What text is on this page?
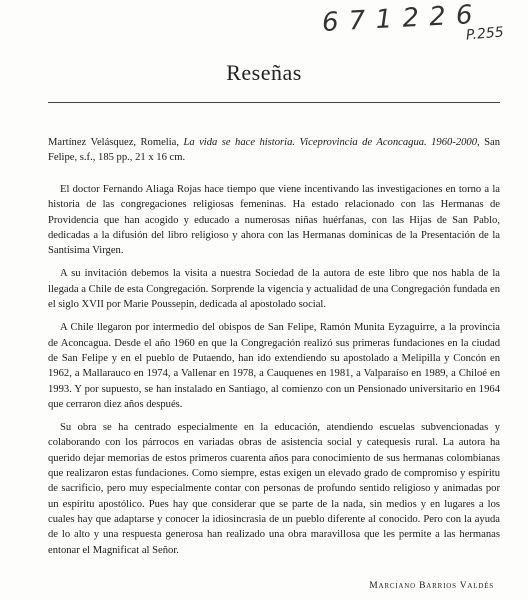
6 7 1 2 2 6
P.255
Reseñas
Martínez Velásquez, Romelia, La vida se hace historia. Viceprovincia de Aconcagua. 1960-2000, San Felipe, s.f., 185 pp., 21 x 16 cm.

El doctor Fernando Aliaga Rojas hace tiempo que viene incentivando las investigaciones en torno a la historia de las congregaciones religiosas femeninas. Ha estado relacionado con las Hermanas de Providencia que han acogido y educado a numerosas niñas huérfanas, con las Hijas de San Pablo, dedicadas a la difusión del libro religioso y ahora con las Hermanas dominicas de la Presentación de la Santísima Virgen.

A su invitación debemos la visita a nuestra Sociedad de la autora de este libro que nos habla de la llegada a Chile de esta Congregación. Sorprende la vigencia y actualidad de una Congregación fundada en el siglo XVII por Marie Poussepin, dedicada al apostolado social.

A Chile llegaron por intermedio del obispos de San Felipe, Ramón Munita Eyzaguirre, a la provincia de Aconcagua. Desde el año 1960 en que la Congregación realizó sus primeras fundaciones en la ciudad de San Felipe y en el pueblo de Putaendo, han ido extendiendo su apostolado a Melipilla y Concón en 1962, a Mallarauco en 1974, a Vallenar en 1978, a Cauquenes en 1981, a Valparaíso en 1989, a Chiloé en 1993. Y por supuesto, se han instalado en Santiago, al comienzo con un Pensionado universitario en 1964 que cerraron diez años después.

Su obra se ha centrado especialmente en la educación, atendiendo escuelas subvencionadas y colaborando con los párrocos en variadas obras de asistencia social y catequesis rural. La autora ha querido dejar memorias de estos primeros cuarenta años para conocimiento de sus hermanas colombianas que realizaron estas fundaciones. Como siempre, estas exigen un elevado grado de compromiso y espíritu de sacrificio, pero muy especialmente contar con personas de profundo sentido religioso y animadas por un espíritu apostólico. Pues hay que considerar que se parte de la nada, sin medios y en lugares a los cuales hay que adaptarse y conocer la idiosincrasia de un pueblo diferente al conocido. Pero con la ayuda de lo alto y una respuesta generosa han realizado una obra maravillosa que les permite a las hermanas entonar el Magnificat al Señor.

Marciano Barrios Valdés
